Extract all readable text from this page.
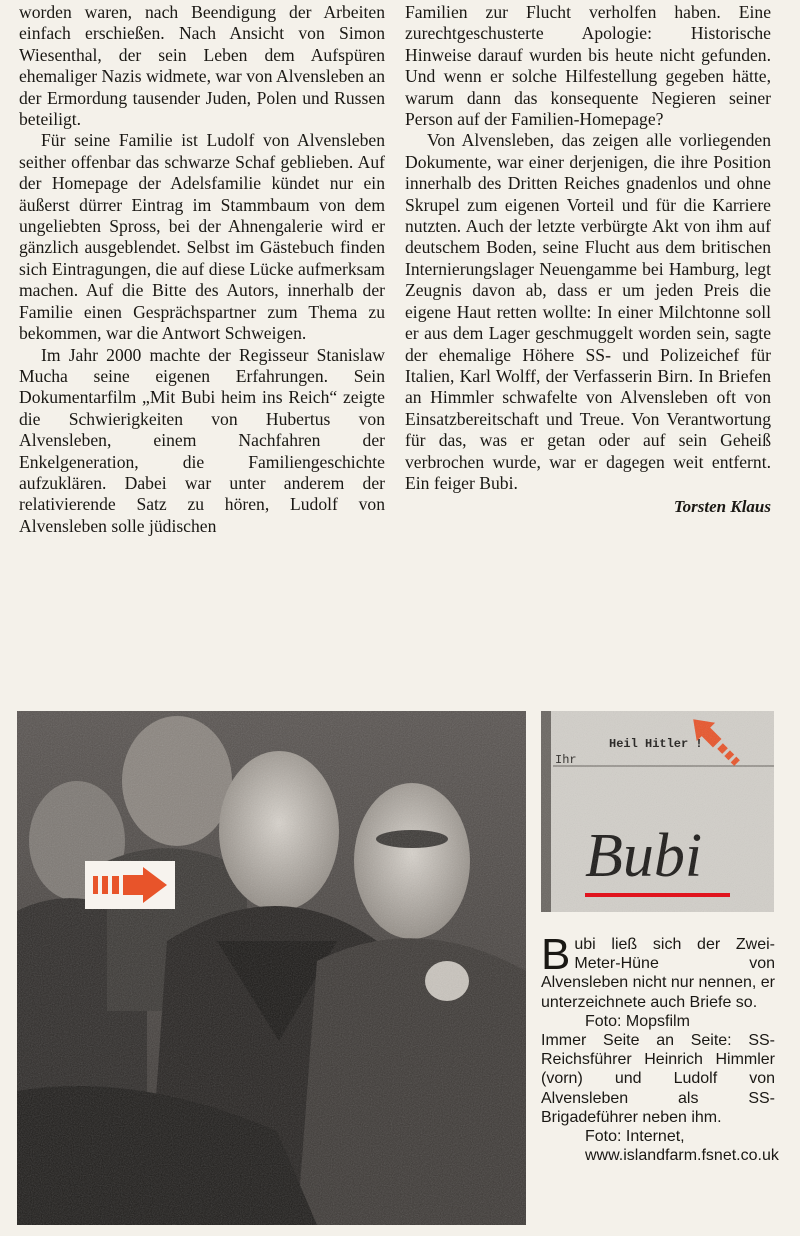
worden waren, nach Beendigung der Arbeiten einfach erschießen. Nach Ansicht von Simon Wiesenthal, der sein Leben dem Aufspüren ehemaliger Nazis widmete, war von Alvensleben an der Ermordung tausender Juden, Polen und Russen beteiligt.

Für seine Familie ist Ludolf von Alvensleben seither offenbar das schwarze Schaf geblieben. Auf der Homepage der Adelsfamilie kündet nur ein äußerst dürrer Eintrag im Stammbaum von dem ungeliebten Spross, bei der Ahnengalerie wird er gänzlich ausgeblendet. Selbst im Gästebuch finden sich Eintragungen, die auf diese Lücke aufmerksam machen. Auf die Bitte des Autors, innerhalb der Familie einen Gesprächspartner zum Thema zu bekommen, war die Antwort Schweigen.

Im Jahr 2000 machte der Regisseur Stanislaw Mucha seine eigenen Erfahrungen. Sein Dokumentarfilm „Mit Bubi heim ins Reich“ zeigte die Schwierigkeiten von Hubertus von Alvensleben, einem Nachfahren der Enkelgeneration, die Familiengeschichte aufzuklären. Dabei war unter anderem der relativierende Satz zu hören, Ludolf von Alvensleben solle jüdischen

Familien zur Flucht verholfen haben. Eine zurechtgeschusterte Apologie: Historische Hinweise darauf wurden bis heute nicht gefunden. Und wenn er solche Hilfestellung gegeben hätte, warum dann das konsequente Negieren seiner Person auf der Familien-Homepage?

Von Alvensleben, das zeigen alle vorliegenden Dokumente, war einer derjenigen, die ihre Position innerhalb des Dritten Reiches gnadenlos und ohne Skrupel zum eigenen Vorteil und für die Karriere nutzten. Auch der letzte verbürgte Akt von ihm auf deutschem Boden, seine Flucht aus dem britischen Internierungslager Neuengamme bei Hamburg, legt Zeugnis davon ab, dass er um jeden Preis die eigene Haut retten wollte: In einer Milchtonne soll er aus dem Lager geschmuggelt worden sein, sagte der ehemalige Höhere SS- und Polizeichef für Italien, Karl Wolff, der Verfasserin Birn. In Briefen an Himmler schwafelte von Alvensleben oft von Einsatzbereitschaft und Treue. Von Verantwortung für das, was er getan oder auf sein Geheiß verbrochen wurde, war er dagegen weit entfernt. Ein feiger Bubi.

Torsten Klaus

Bubi ließ sich der Zwei-Meter-Hüne von Alvensleben nicht nur nennen, er unterzeichnete auch Briefe so.

Foto: Mopsfilm

Immer Seite an Seite: SS-Reichsführer Heinrich Himmler (vorn) und Ludolf von Alvensleben als SS-Brigadeführer neben ihm.

Foto: Internet, www.islandfarm.fsnet.co.uk
